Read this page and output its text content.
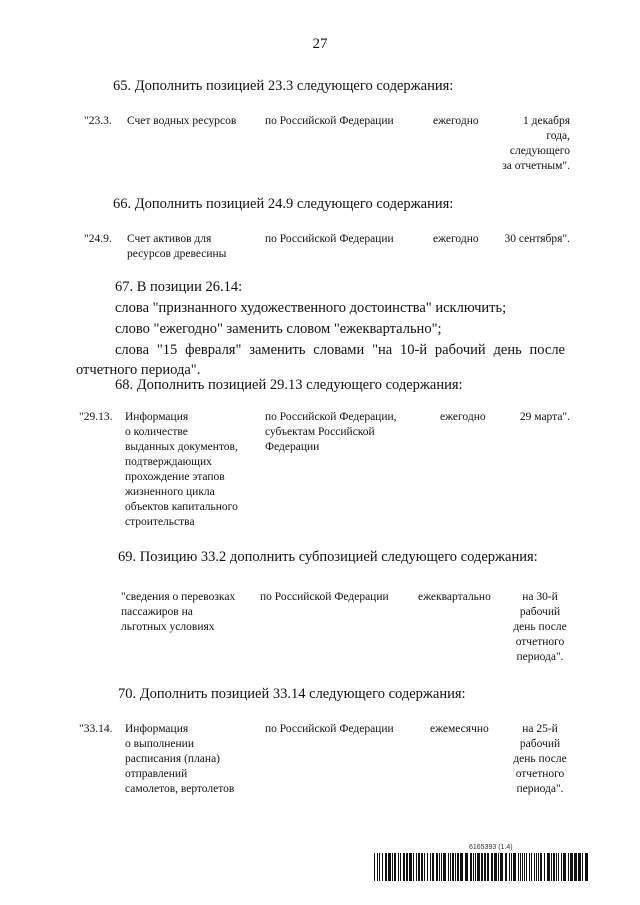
27
65. Дополнить позицией 23.3 следующего содержания:
"23.3. Счет водных ресурсов	по Российской Федерации	ежегодно	1 декабря
года,
следующего
за отчетным".
66. Дополнить позицией 24.9 следующего содержания:
"24.9. Счет активов для
ресурсов древесины
по Российской Федерации	ежегодно	30 сентября".
67. В позиции 26.14:
слова "признанного художественного достоинства" исключить;
слово "ежегодно" заменить словом "ежеквартально";
слова "15 февраля" заменить словами "на 10-й рабочий день после
отчетного периода".
68. Дополнить позицией 29.13 следующего содержания:
"29.13. Информация
о количестве
выданных документов,
подтверждающих
прохождение этапов
жизненного цикла
объектов капитального
строительства
по Российской Федерации,
субъектам Российской
Федерации
ежегодно	29 марта".
69. Позицию 33.2 дополнить субпозицией следующего содержания:
"сведения о перевозках
пассажиров на
льготных условиях
по Российской Федерации	ежеквартально	на 30-й
рабочий
день после
отчетного
периода".
70. Дополнить позицией 33.14 следующего содержания:
"33.14. Информация
о выполнении
расписания (плана)
отправлений
самолетов, вертолетов
по Российской Федерации	ежемесячно	на 25-й
рабочий
день после
отчетного
периода".
6165393 (1.4)
